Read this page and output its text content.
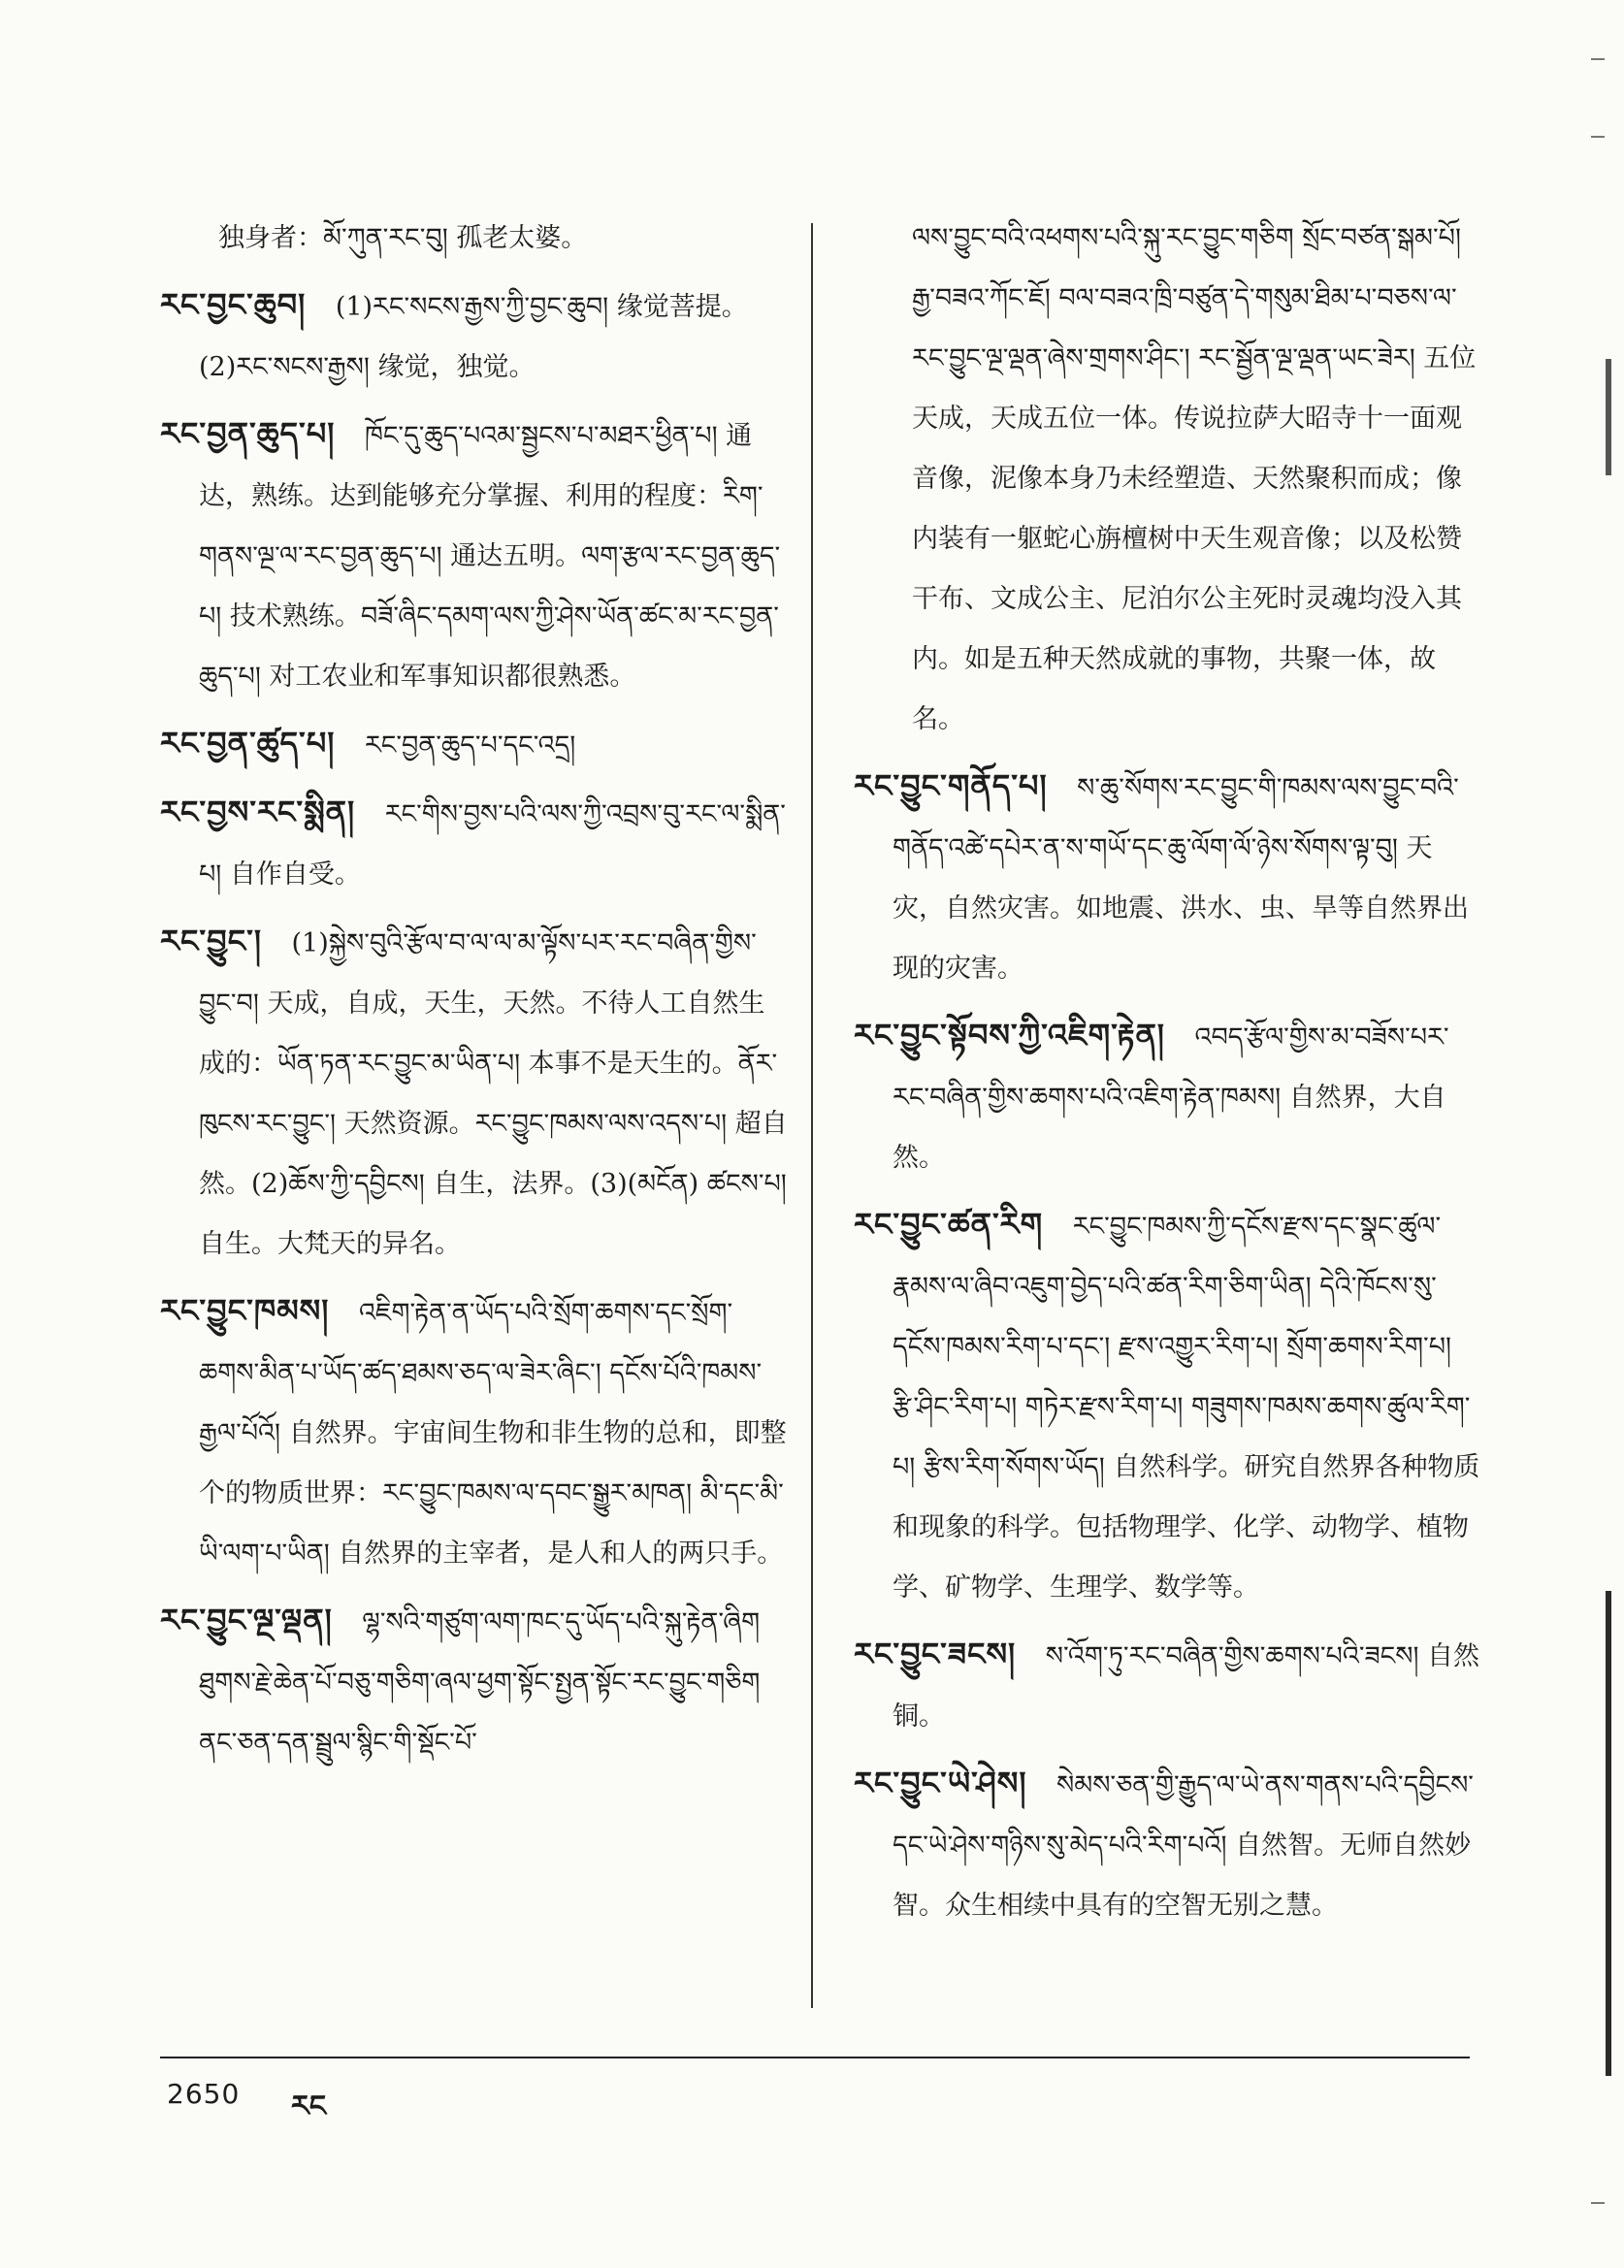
独身者：མོ་ཀུན་རང་བུ། 孤老太婆。
རང་བྱང་ཆུབ། (1)རང་སངས་རྒྱས་ཀྱི་བྱང་ཆུབ། 缘觉菩提。(2)རང་སངས་རྒྱས། 缘觉，独觉。
རང་བྱན་ཆུད་པ། ཁོང་དུ་ཆུད་པའམ་སྦྱངས་པ་མཐར་ཕྱིན་པ། 通达，熟练。达到能够充分掌握、利用的程度：རིག་གནས་ལྔ་ལ་རང་བྱན་ཆུད་པ། 通达五明。ལག་རྩལ་རང་བྱན་ཆུད་པ། 技术熟练。བཟོ་ཞིང་དམག་ལས་ཀྱི་ཤེས་ཡོན་ཚང་མ་རང་བྱན་ཆུད་པ། 对工农业和军事知识都很熟悉。
རང་བྱན་ཚུད་པ། རང་བྱན་ཆུད་པ་དང་འདྲ།
རང་བྱས་རང་སྨིན། རང་གིས་བྱས་པའི་ལས་ཀྱི་འབྲས་བུ་རང་ལ་སྨིན་པ། 自作自受。
རང་བྱུང་། (1)སྐྱེས་བུའི་རྩོལ་བ་ལ་ལ་མ་ལྟོས་པར་རང་བཞིན་གྱིས་བྱུང་བ། 天成，自成，天生，天然。不待人工自然生成的：ཡོན་ཏན་རང་བྱུང་མ་ཡིན་པ། 本事不是天生的。ནོར་ཁུངས་རང་བྱུང་། 天然资源。རང་བྱུང་ཁམས་ལས་འདས་པ། 超自然。(2)ཆོས་ཀྱི་དབྱིངས། 自生，法界。(3)(མངོན) ཚངས་པ། 自生。大梵天的异名。
རང་བྱུང་ཁམས། འཇིག་རྟེན་ན་ཡོད་པའི་སྲོག་ཆགས་དང་སྲོག་ཆགས་མིན་པ་ཡོད་ཚད་ཐམས་ཅད་ལ་ཟེར་ཞིང་། དངོས་པོའི་ཁམས་རྒྱལ་པོའོ། 自然界。宇宙间生物和非生物的总和，即整个的物质世界：རང་བྱུང་ཁམས་ལ་དབང་སྒྱུར་མཁན། མི་དང་མི་ཡི་ལག་པ་ཡིན། 自然界的主宰者，是人和人的两只手。
རང་བྱུང་ལྔ་ལྡན། ལྷ་སའི་གཙུག་ལག་ཁང་དུ་ཡོད་པའི་སྐུ་རྟེན་ཞིག ཐུགས་རྗེ་ཆེན་པོ་བཅུ་གཅིག་ཞལ་ཕྱག་སྟོང་སྤྱན་སྟོང་རང་བྱུང་གཅིག ནང་ཅན་དན་སྦྲུལ་སྙིང་གི་སྡོང་པོ་
ལས་བྱུང་བའི་འཕགས་པའི་སྐུ་རང་བྱུང་གཅིག སྲོང་བཙན་སྒམ་པོ། རྒྱ་བཟའ་ཀོང་ཇོ། བལ་བཟའ་ཁྲི་བཙུན་དེ་གསུམ་ཐིམ་པ་བཅས་ལ་རང་བྱུང་ལྔ་ལྡན་ཞེས་གྲགས་ཤིང་། རང་སྦྱོན་ལྔ་ལྡན་ཡང་ཟེར། 五位天成，天成五位一体。传说拉萨大昭寺十一面观音像，泥像本身乃未经塑造、天然聚积而成；像内装有一躯蛇心旃檀树中天生观音像；以及松赞干布、文成公主、尼泊尔公主死时灵魂均没入其内。如是五种天然成就的事物，共聚一体，故名。
རང་བྱུང་གནོད་པ། ས་ཆུ་སོགས་རང་བྱུང་གི་ཁམས་ལས་བྱུང་བའི་གནོད་འཚེ་དཔེར་ན་ས་གཡོ་དང་ཆུ་ལོག་ལོ་ཉེས་སོགས་ལྟ་བུ། 天灾，自然灾害。如地震、洪水、虫、旱等自然界出现的灾害。
རང་བྱུང་སྟོབས་ཀྱི་འཇིག་རྟེན། འབད་རྩོལ་གྱིས་མ་བཟོས་པར་རང་བཞིན་གྱིས་ཆགས་པའི་འཇིག་རྟེན་ཁམས། 自然界，大自然。
རང་བྱུང་ཚན་རིག རང་བྱུང་ཁམས་ཀྱི་དངོས་རྫས་དང་སྣང་ཚུལ་རྣམས་ལ་ཞིབ་འཇུག་བྱེད་པའི་ཚན་རིག་ཅིག་ཡིན། དེའི་ཁོངས་སུ་དངོས་ཁམས་རིག་པ་དང་། རྫས་འགྱུར་རིག་པ། སྲོག་ཆགས་རིག་པ། རྩི་ཤིང་རིག་པ། གཏེར་རྫས་རིག་པ། གཟུགས་ཁམས་ཆགས་ཚུལ་རིག་པ། རྩིས་རིག་སོགས་ཡོད། 自然科学。研究自然界各种物质和现象的科学。包括物理学、化学、动物学、植物学、矿物学、生理学、数学等。
རང་བྱུང་ཟངས། ས་འོག་ཏུ་རང་བཞིན་གྱིས་ཆགས་པའི་ཟངས། 自然铜。
རང་བྱུང་ཡེ་ཤེས། སེམས་ཅན་གྱི་རྒྱུད་ལ་ཡེ་ནས་གནས་པའི་དབྱིངས་དང་ཡེ་ཤེས་གཉིས་སུ་མེད་པའི་རིག་པའོ། 自然智。无师自然妙智。众生相续中具有的空智无别之慧。
2650 རང
